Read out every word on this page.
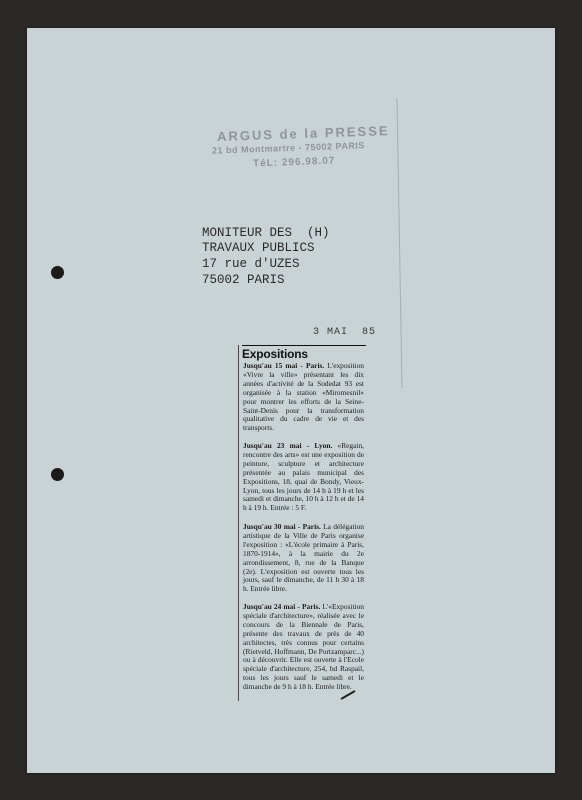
ARGUS de la PRESSE
21 bd Montmartre - 75002 PARIS
TéL: 296.98.07
MONITEUR DES  (H)
TRAVAUX PUBLICS
17 rue d'UZES
75002 PARIS
3 MAI  85
Expositions
Jusqu'au 15 mai - Paris. L'exposition «Vivre la ville» présentant les dix années d'activité de la Sodedat 93 est organisée à la station «Miromesnil» pour montrer les efforts de la Seine-Saint-Denis pour la transformation qualitative du cadre de vie et des transports.
Jusqu'au 23 mai - Lyon. «Regain, rencontre des arts» est une exposition de peinture, sculpture et architecture présentée au palais municipal des Expositions, 18, quai de Bondy, Vieux-Lyon, tous les jours de 14 h à 19 h et les samedi et dimanche, 10 h à 12 h et de 14 h à 19 h. Entrée : 5 F.
Jusqu'au 30 mai - Paris. La délégation artistique de la Ville de Paris organise l'exposition : «L'école primaire à Paris, 1870-1914», à la mairie du 2e arrondissement, 8, rue de la Banque (2e). L'exposition est ouverte tous les jours, sauf le dimanche, de 11 h 30 à 18 h. Entrée libre.
Jusqu'au 24 mai - Paris. L'«Exposition spéciale d'architecture», réalisée avec le concours de la Biennale de Paris, présente des travaux de près de 40 architectes, très connus pour certains (Rietveld, Hoffmann, De Portzamparc...) ou à découvrir. Elle est ouverte à l'Ecole spéciale d'architecture, 254, bd Raspail, tous les jours sauf le samedi et le dimanche de 9 h à 18 h. Entrée libre.
